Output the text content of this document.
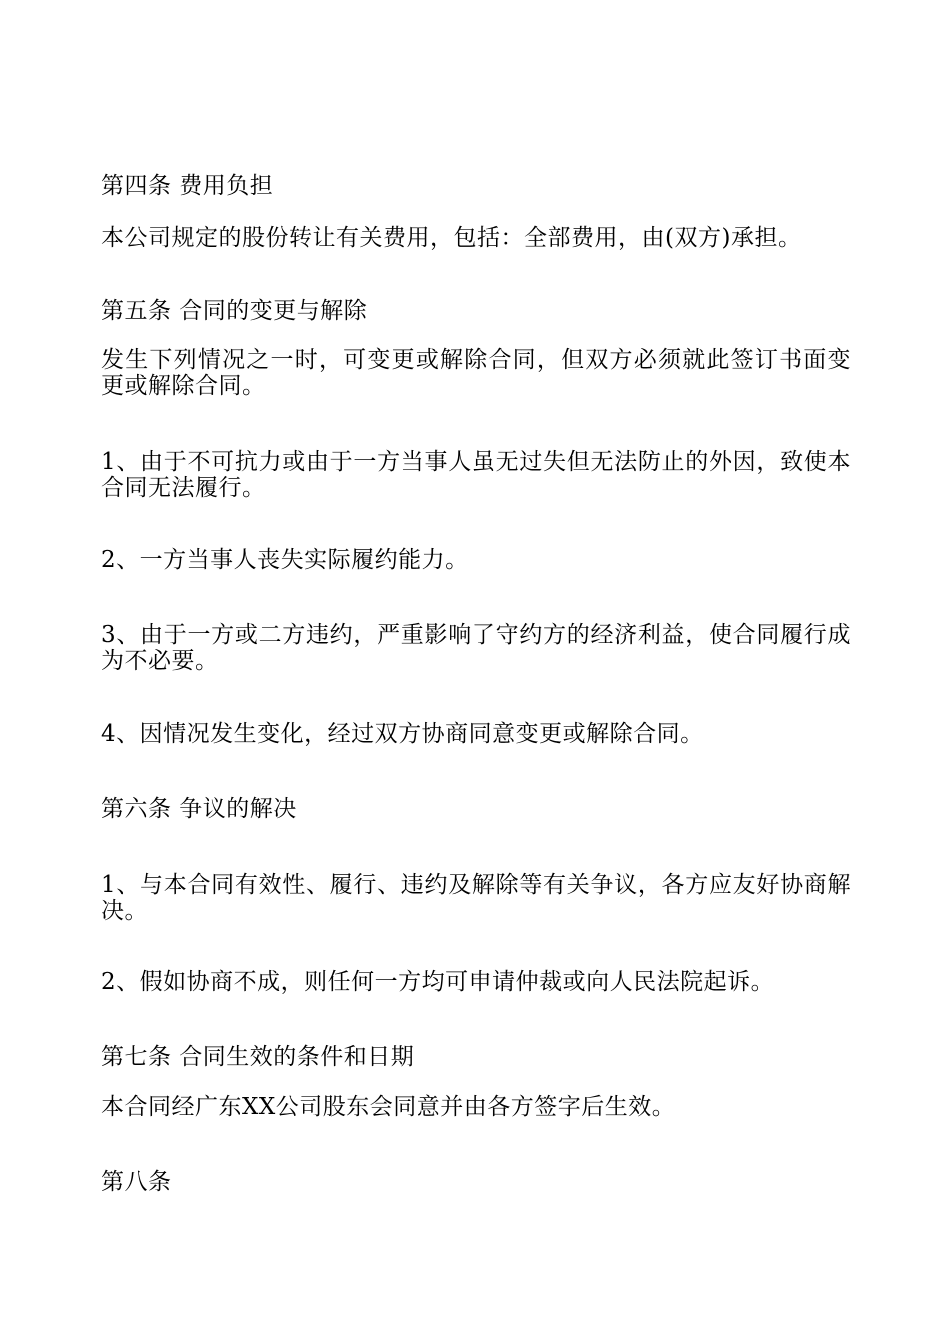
第四条 费用负担
本公司规定的股份转让有关费用，包括：全部费用，由(双方)承担。
第五条 合同的变更与解除
发生下列情况之一时，可变更或解除合同，但双方必须就此签订书面变更或解除合同。
1、由于不可抗力或由于一方当事人虽无过失但无法防止的外因，致使本合同无法履行。
2、一方当事人丧失实际履约能力。
3、由于一方或二方违约，严重影响了守约方的经济利益，使合同履行成为不必要。
4、因情况发生变化，经过双方协商同意变更或解除合同。
第六条 争议的解决
1、与本合同有效性、履行、违约及解除等有关争议，各方应友好协商解决。
2、假如协商不成，则任何一方均可申请仲裁或向人民法院起诉。
第七条 合同生效的条件和日期
本合同经广东XX公司股东会同意并由各方签字后生效。
第八条
